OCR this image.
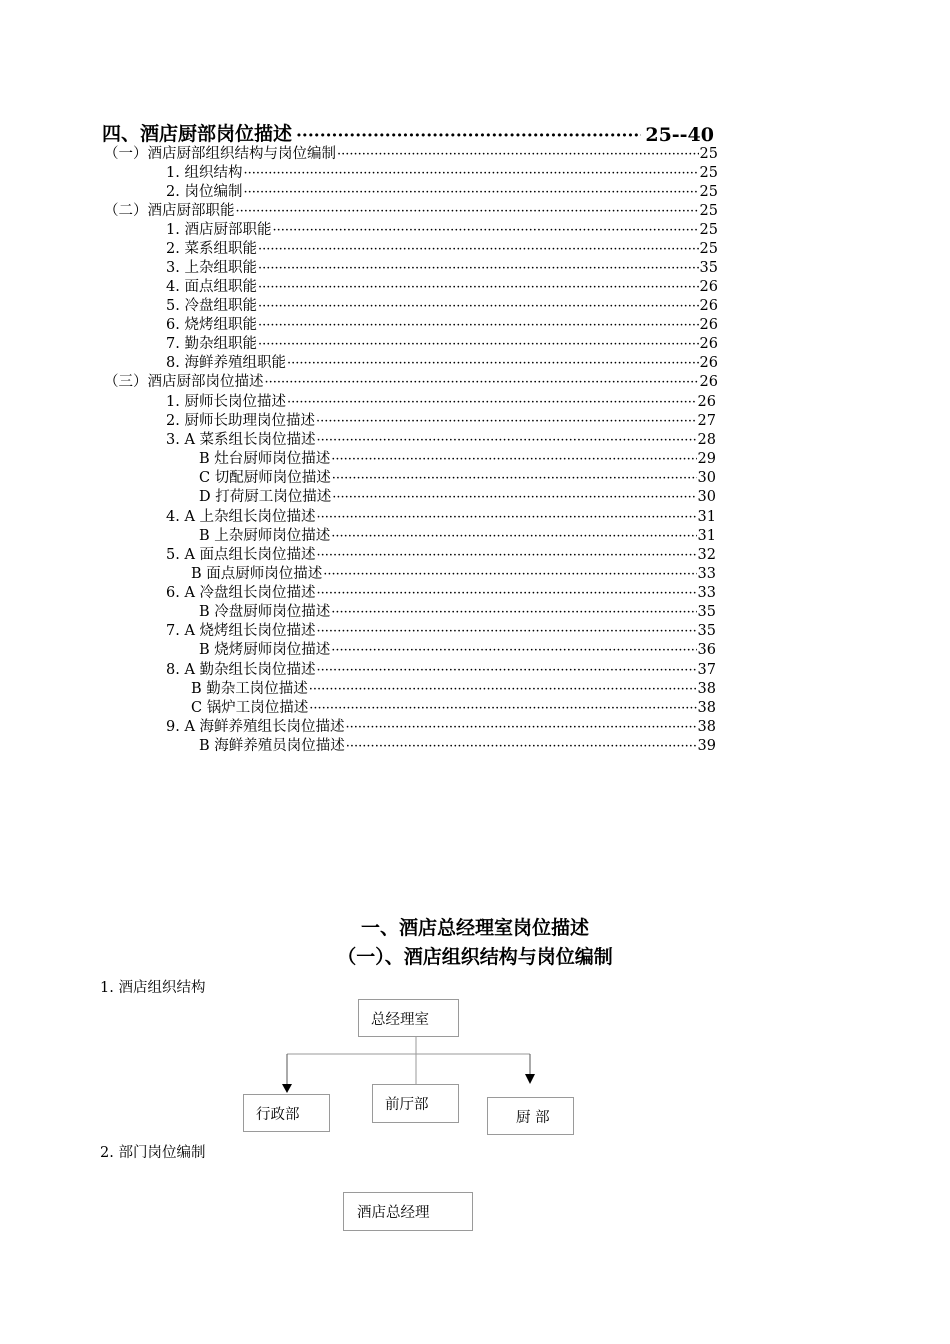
四、酒店厨部岗位描述 ·····	25--40
（一）酒店厨部组织结构与岗位编制 ·····	25
1. 组织结构 ·····	25
2. 岗位编制 ·····	25
（二）酒店厨部职能 ·····	25
1. 酒店厨部职能 ·····	25
2. 菜系组职能 ·····	25
3. 上杂组职能 ·····	35
4. 面点组职能 ·····	26
5. 冷盘组职能 ·····	26
6. 烧烤组职能 ·····	26
7. 勤杂组职能 ·····	26
8. 海鲜养殖组职能 ·····	26
（三）酒店厨部岗位描述 ·····	26
1. 厨师长岗位描述 ·····	26
2. 厨师长助理岗位描述 ·····	27
3. A 菜系组长岗位描述 ·····	28
B 灶台厨师岗位描述 ·····	29
C 切配厨师岗位描述 ·····	30
D 打荷厨工岗位描述 ·····	30
4. A 上杂组长岗位描述 ·····	31
B 上杂厨师岗位描述 ·····	31
5. A 面点组长岗位描述 ·····	32
B 面点厨师岗位描述 ·····	33
6. A 冷盘组长岗位描述 ·····	33
B 冷盘厨师岗位描述 ·····	35
7. A 烧烤组长岗位描述 ·····	35
B 烧烤厨师岗位描述 ·····	36
8. A 勤杂组长岗位描述 ·····	37
B 勤杂工岗位描述 ·····	38
C 锅炉工岗位描述 ·····	38
9. A 海鲜养殖组长岗位描述 ·····	38
B 海鲜养殖员岗位描述 ·····	39
一、酒店总经理室岗位描述
（一）、酒店组织结构与岗位编制
1. 酒店组织结构
总经理室
行政部
前厅部
厨 部
2. 部门岗位编制
酒店总经理
